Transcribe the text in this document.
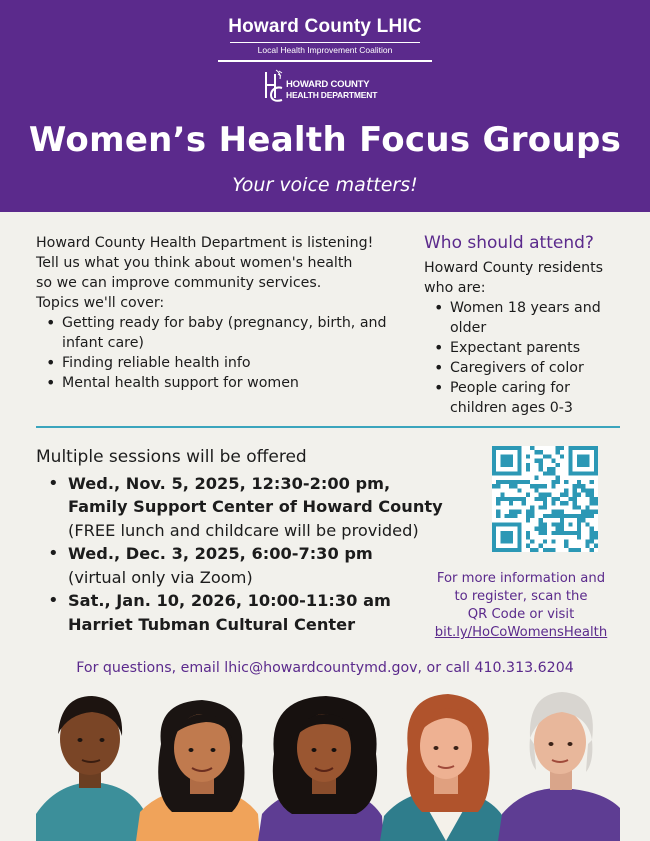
Howard County LHIC
Local Health Improvement Coalition
HOWARD COUNTY
HEALTH DEPARTMENT
Women’s Health Focus Groups
Your voice matters!
Howard County Health Department is listening!
Tell us what you think about women's health
so we can improve community services.
Topics we'll cover:
• Getting ready for baby (pregnancy, birth, and infant care)
• Finding reliable health info
• Mental health support for women
Who should attend?
Howard County residents who are:
• Women 18 years and older
• Expectant parents
• Caregivers of color
• People caring for children ages 0-3
Multiple sessions will be offered
• Wed., Nov. 5, 2025, 12:30-2:00 pm,
Family Support Center of Howard County
(FREE lunch and childcare will be provided)
• Wed., Dec. 3, 2025, 6:00-7:30 pm
(virtual only via Zoom)
• Sat., Jan. 10, 2026, 10:00-11:30 am
Harriet Tubman Cultural Center
For more information and
to register, scan the
QR Code or visit
bit.ly/HoCoWomensHealth
For questions, email lhic@howardcountymd.gov, or call 410.313.6204
